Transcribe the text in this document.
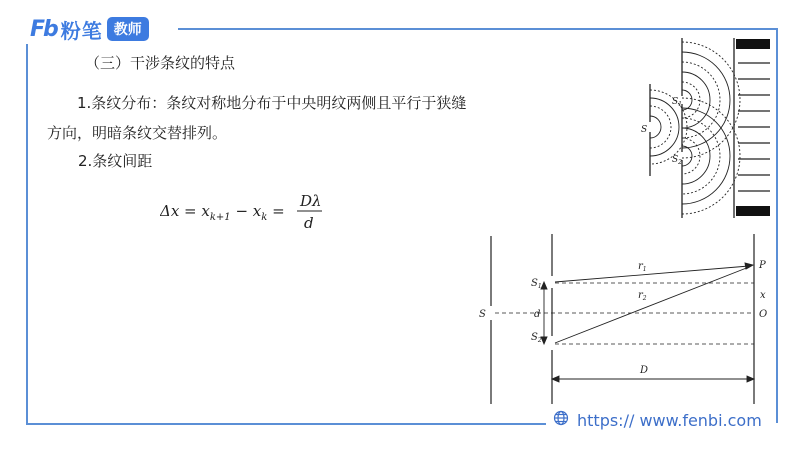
Fb 粉笔 教师
（三）干涉条纹的特点
1.条纹分布：条纹对称地分布于中央明纹两侧且平行于狭缝方向，明暗条纹交替排列。
2.条纹间距
$\Delta x = x_{k+1} - x_k$ =
Dλ
d
S
$S_1$
$S_2$
S
$S_1$
$S_2$
d
$r_1$
$r_2$
P
x
O
D
https:// www.fenbi.com
